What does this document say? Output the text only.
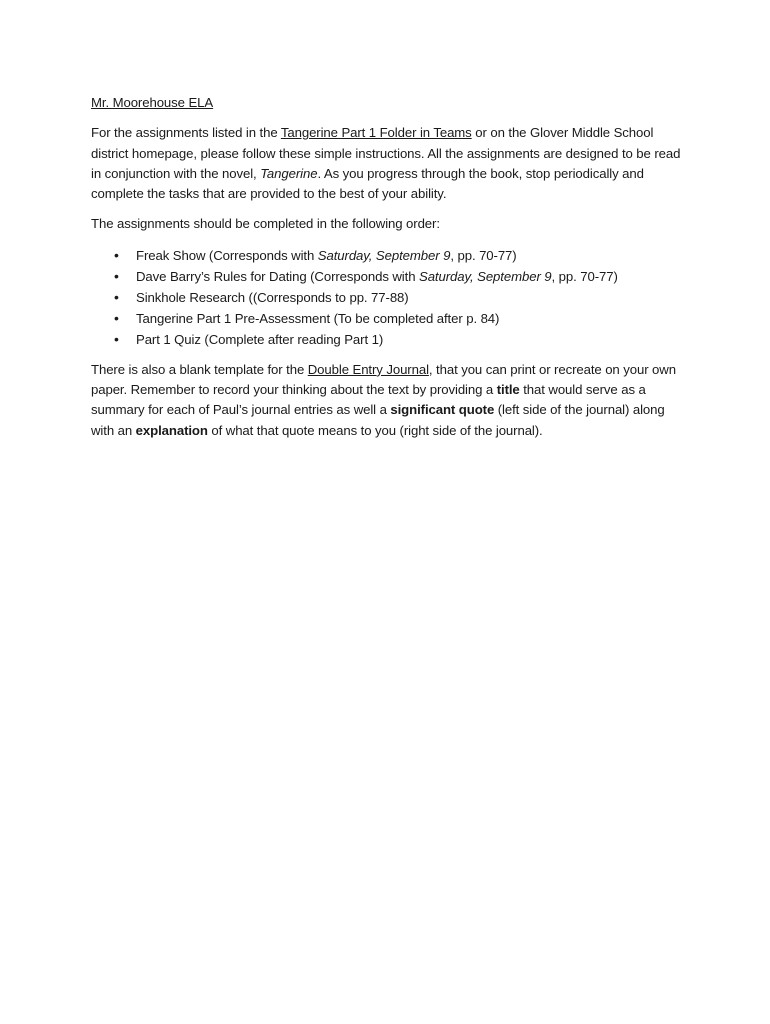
Mr. Moorehouse ELA

For the assignments listed in the Tangerine Part 1 Folder in Teams or on the Glover Middle School district homepage, please follow these simple instructions. All the assignments are designed to be read in conjunction with the novel, Tangerine. As you progress through the book, stop periodically and complete the tasks that are provided to the best of your ability.

The assignments should be completed in the following order:

• Freak Show (Corresponds with Saturday, September 9, pp. 70-77)
• Dave Barry’s Rules for Dating (Corresponds with Saturday, September 9, pp. 70-77)
• Sinkhole Research ((Corresponds to pp. 77-88)
• Tangerine Part 1 Pre-Assessment (To be completed after p. 84)
• Part 1 Quiz (Complete after reading Part 1)

There is also a blank template for the Double Entry Journal, that you can print or recreate on your own paper. Remember to record your thinking about the text by providing a title that would serve as a summary for each of Paul’s journal entries as well a significant quote (left side of the journal) along with an explanation of what that quote means to you (right side of the journal).
